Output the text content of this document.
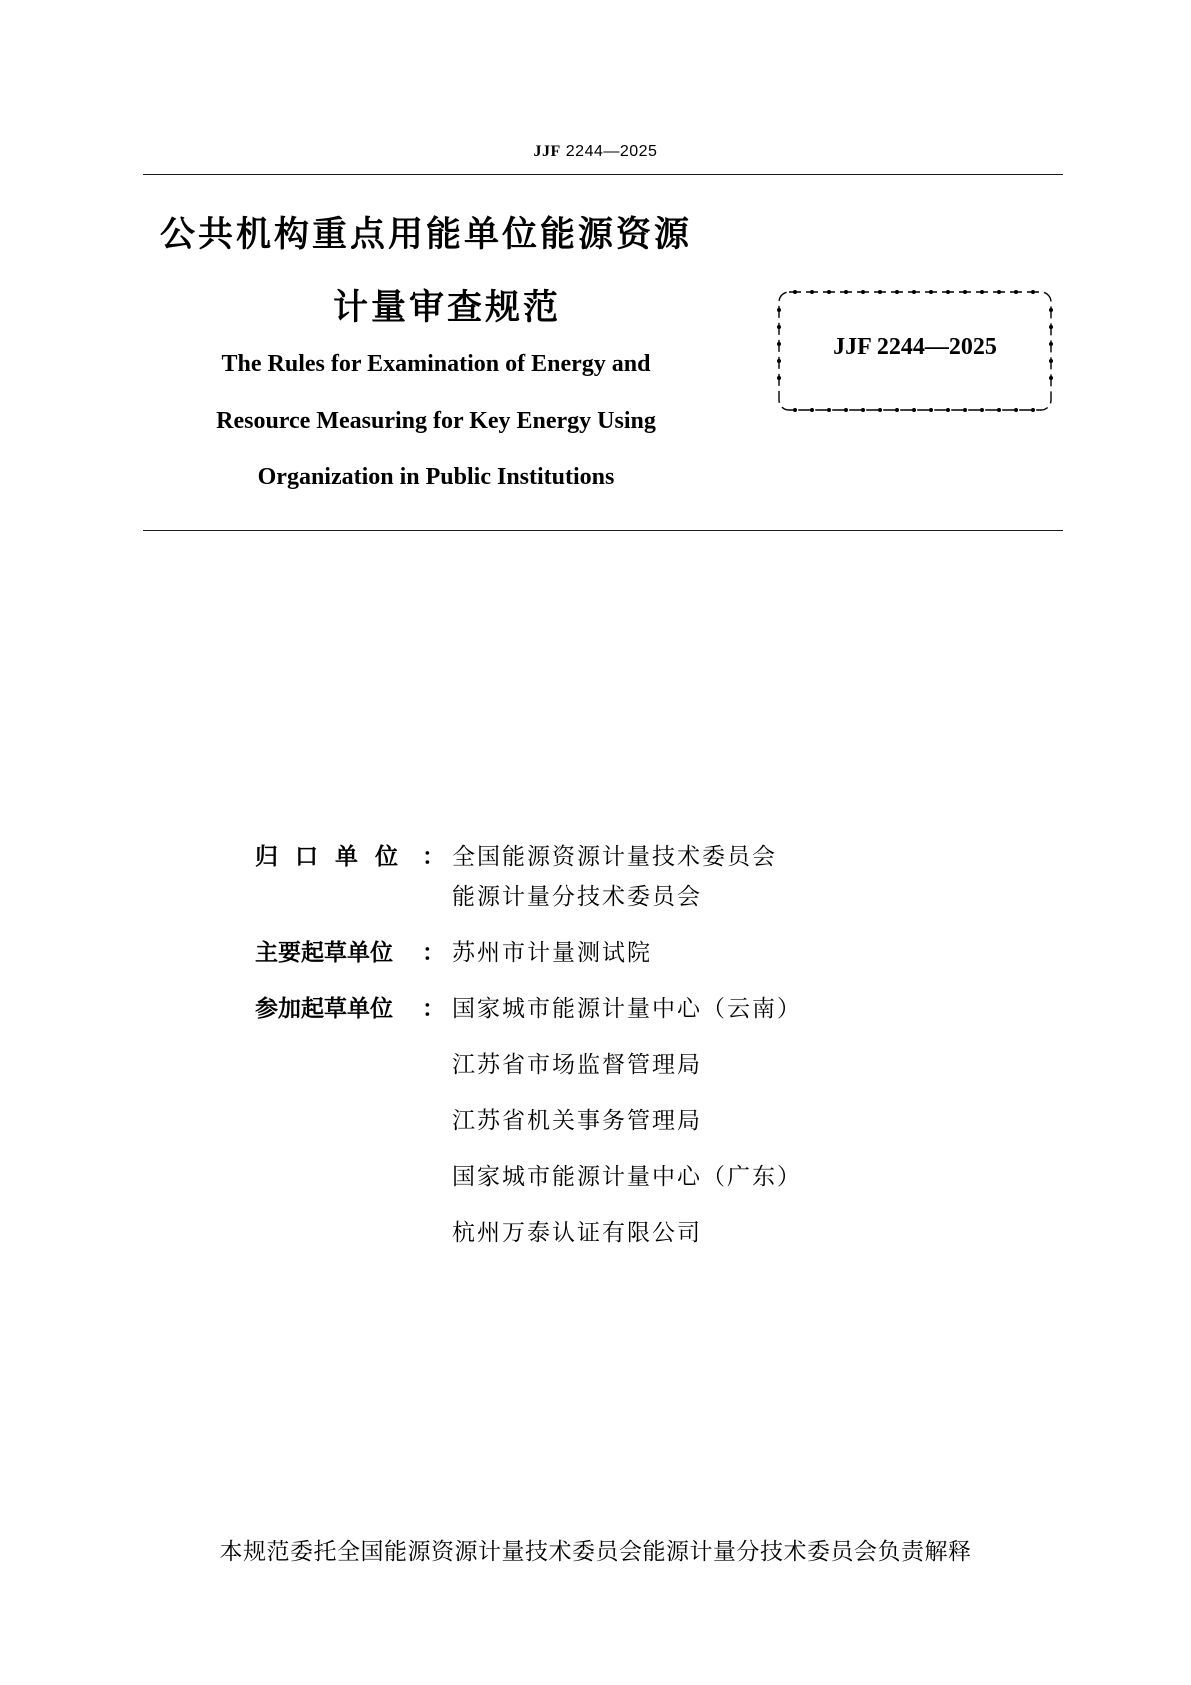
JJF 2244—2025
公共机构重点用能单位能源资源
计量审查规范
The Rules for Examination of Energy and
Resource Measuring for Key Energy Using
Organization in Public Institutions
JJF 2244—2025
归口单位 ： 全国能源资源计量技术委员会
能源计量分技术委员会
主要起草单位	： 苏州市计量测试院
参加起草单位	： 国家城市能源计量中心（云南）
江苏省市场监督管理局
江苏省机关事务管理局
国家城市能源计量中心（广东）
杭州万泰认证有限公司
本规范委托全国能源资源计量技术委员会能源计量分技术委员会负责解释
